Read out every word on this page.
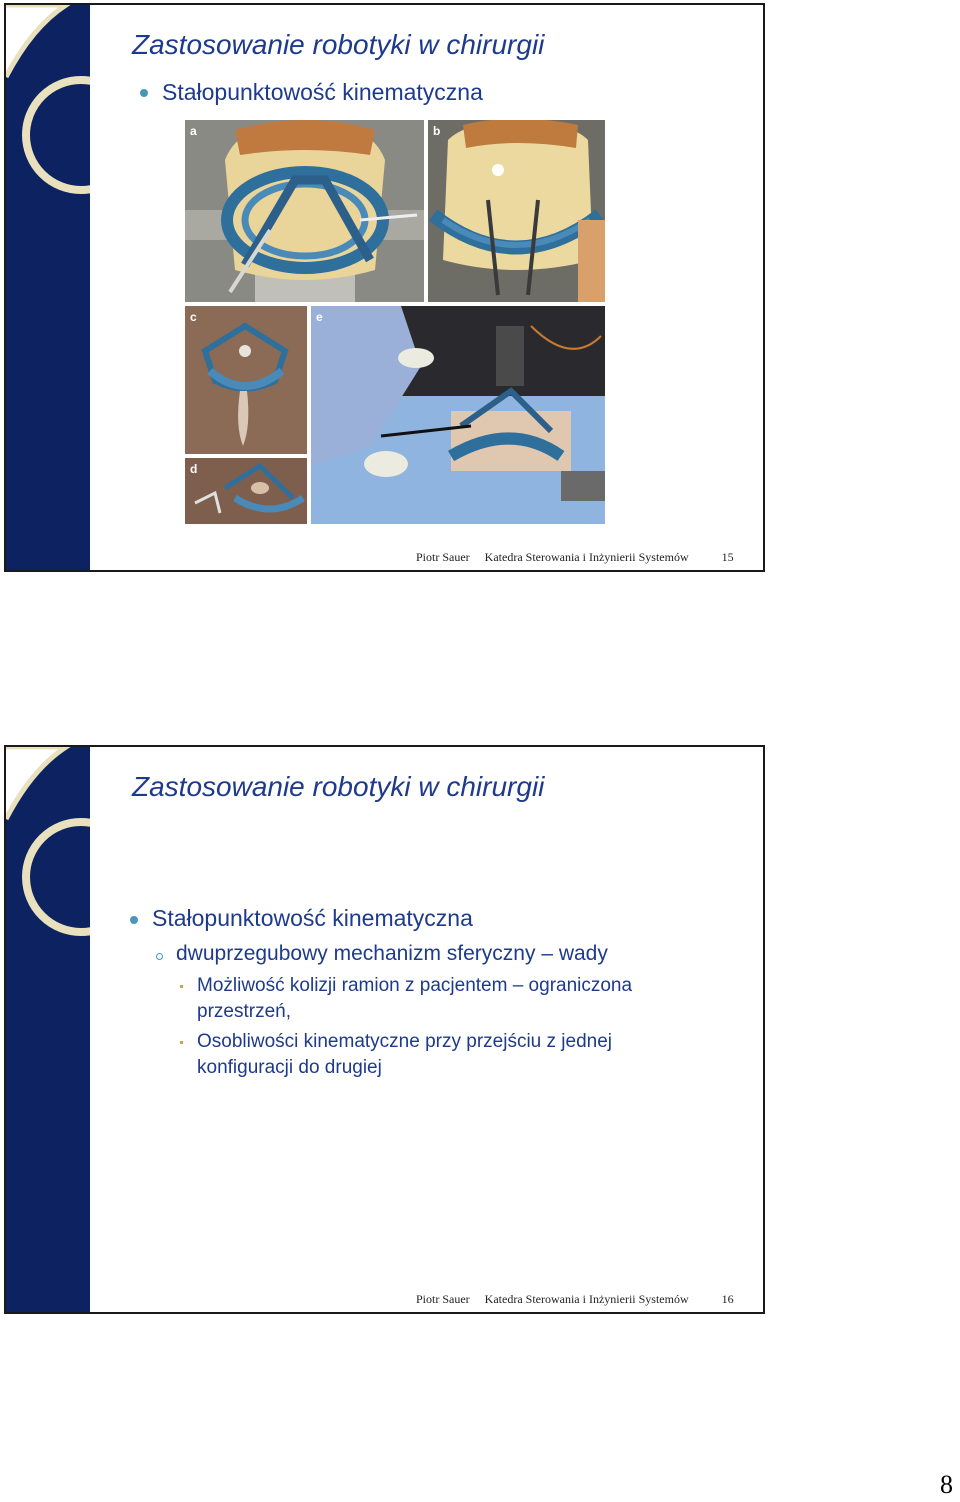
Zastosowanie robotyki w chirurgii
Stałopunktowość kinematyczna
a	b
c
d
e
Piotr Sauer Katedra Sterowania i Inżynierii Systemów	15
Zastosowanie robotyki w chirurgii
Stałopunktowość kinematyczna
dwuprzegubowy mechanizm sferyczny – wady
Możliwość kolizji ramion z pacjentem – ograniczona
przestrzeń,
Osobliwości kinematyczne przy przejściu z jednej
konfiguracji do drugiej
Piotr Sauer Katedra Sterowania i Inżynierii Systemów	16
8
